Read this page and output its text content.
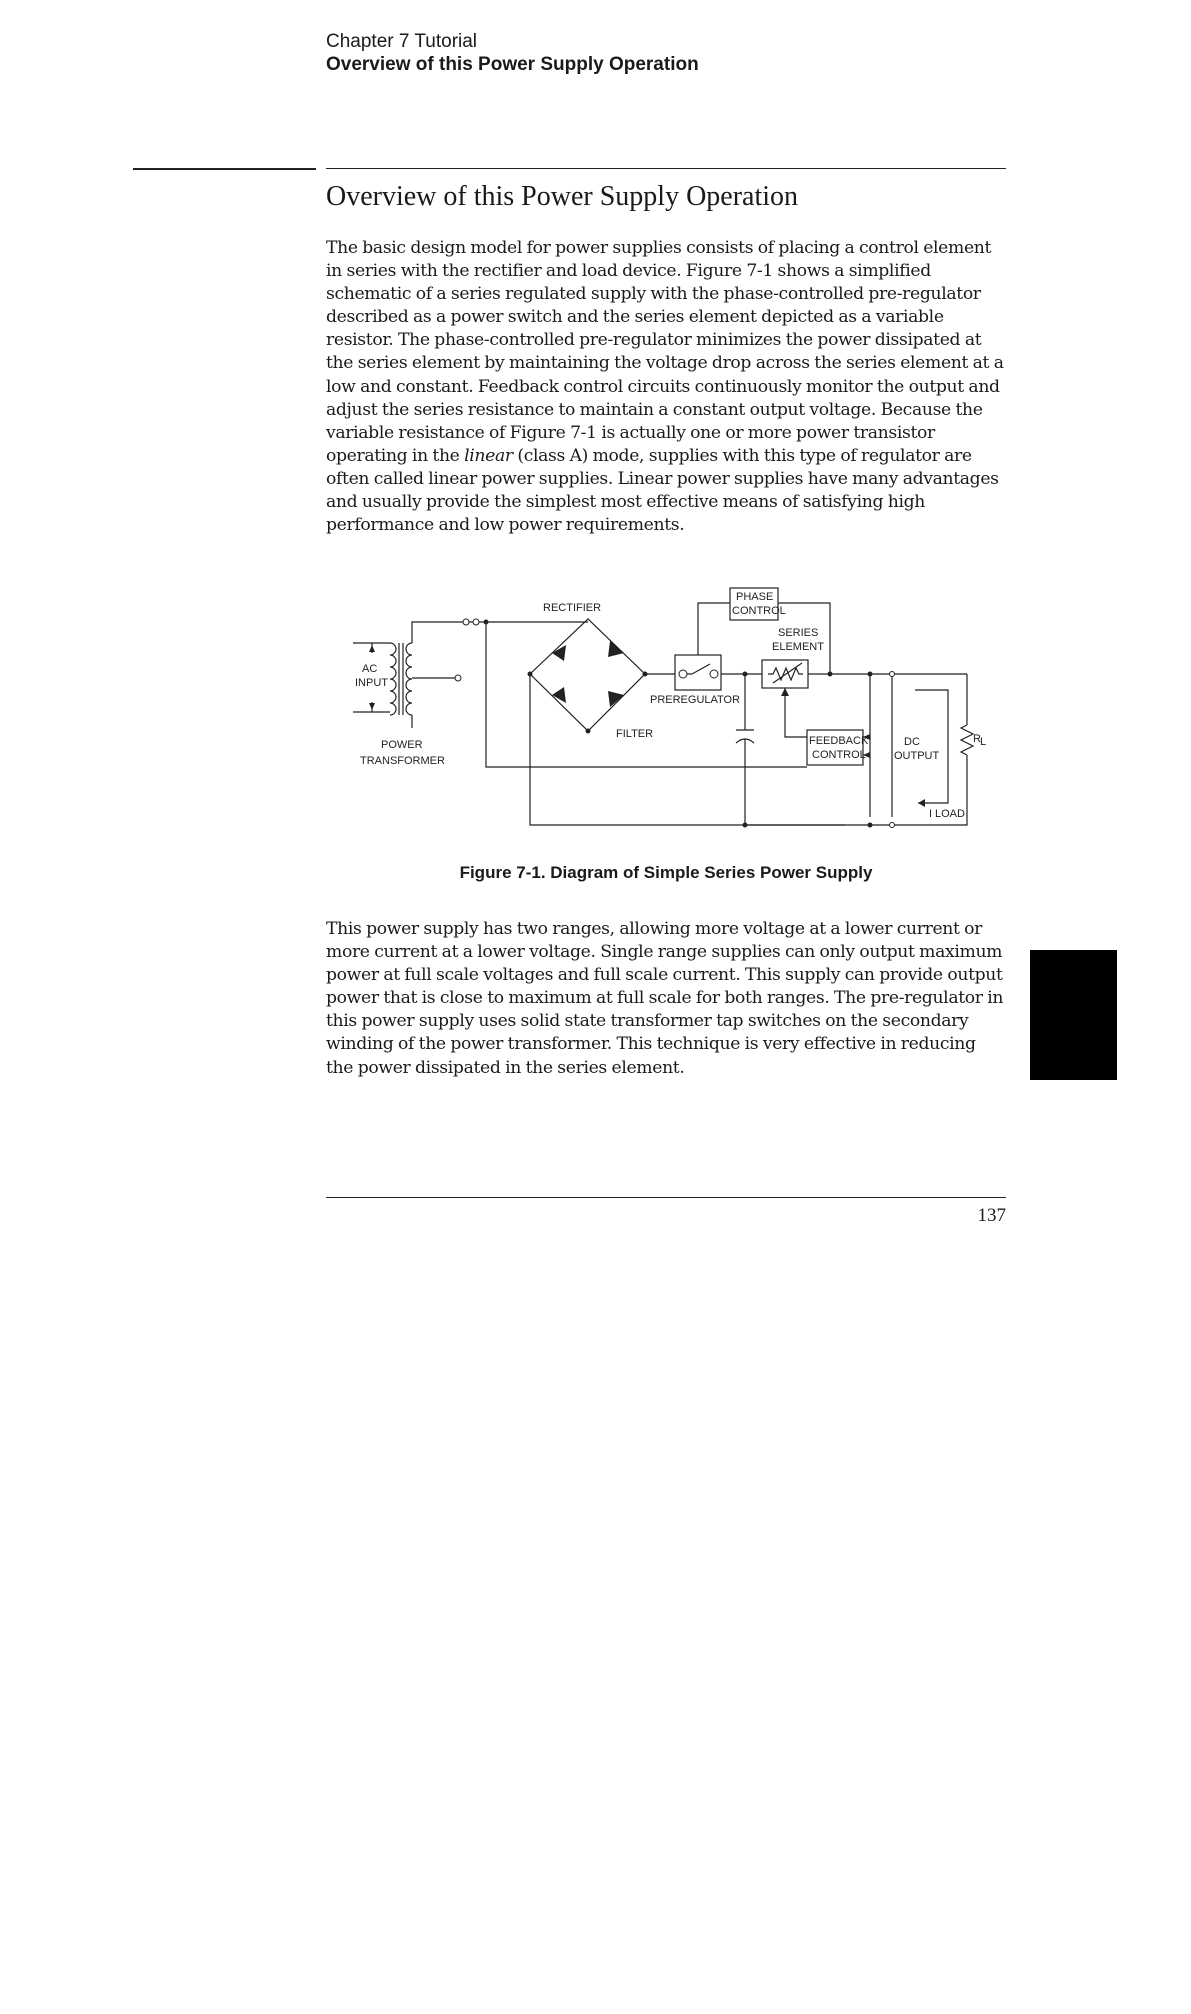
Chapter 7 Tutorial
Overview of this Power Supply Operation
Overview of this Power Supply Operation

The basic design model for power supplies consists of placing a control element in series with the rectifier and load device. Figure 7-1 shows a simplified schematic of a series regulated supply with the phase-controlled pre-regulator described as a power switch and the series element depicted as a variable resistor. The phase-controlled pre-regulator minimizes the power dissipated at the series element by maintaining the voltage drop across the series element at a low and constant. Feedback control circuits continuously monitor the output and adjust the series resistance to maintain a constant output voltage. Because the variable resistance of Figure 7-1 is actually one or more power transistor operating in the linear (class A) mode, supplies with this type of regulator are often called linear power supplies. Linear power supplies have many advantages and usually provide the simplest most effective means of satisfying high performance and low power requirements.

RECTIFIER
PHASE
CONTROL
SERIES
ELEMENT
AC
INPUT
PREREGULATOR
FILTER
POWER
TRANSFORMER
FEEDBACK
CONTROL
DC
OUTPUT
R L
I LOAD
Figure 7-1. Diagram of Simple Series Power Supply

This power supply has two ranges, allowing more voltage at a lower current or more current at a lower voltage. Single range supplies can only output maximum power at full scale voltages and full scale current. This supply can provide output power that is close to maximum at full scale for both ranges. The pre-regulator in this power supply uses solid state transformer tap switches on the secondary winding of the power transformer. This technique is very effective in reducing the power dissipated in the series element.

7
137
